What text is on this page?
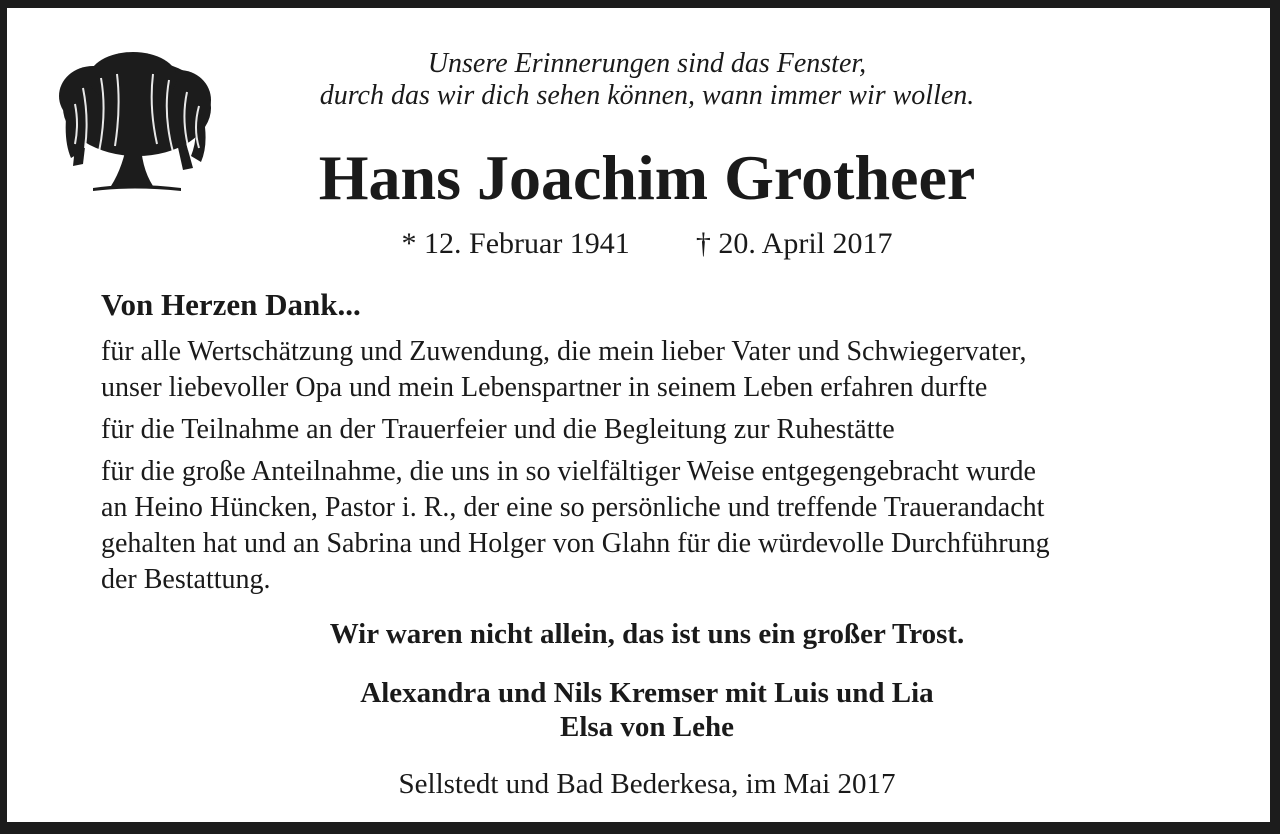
Unsere Erinnerungen sind das Fenster,
durch das wir dich sehen können, wann immer wir wollen.
Hans Joachim Grotheer
* 12. Februar 1941 † 20. April 2017
Von Herzen Dank...
für alle Wertschätzung und Zuwendung, die mein lieber Vater und Schwiegervater,
unser liebevoller Opa und mein Lebenspartner in seinem Leben erfahren durfte
für die Teilnahme an der Trauerfeier und die Begleitung zur Ruhestätte
für die große Anteilnahme, die uns in so vielfältiger Weise entgegengebracht wurde
an Heino Hüncken, Pastor i. R., der eine so persönliche und treffende Trauerandacht
gehalten hat und an Sabrina und Holger von Glahn für die würdevolle Durchführung
der Bestattung.
Wir waren nicht allein, das ist uns ein großer Trost.
Alexandra und Nils Kremser mit Luis und Lia
Elsa von Lehe
Sellstedt und Bad Bederkesa, im Mai 2017
